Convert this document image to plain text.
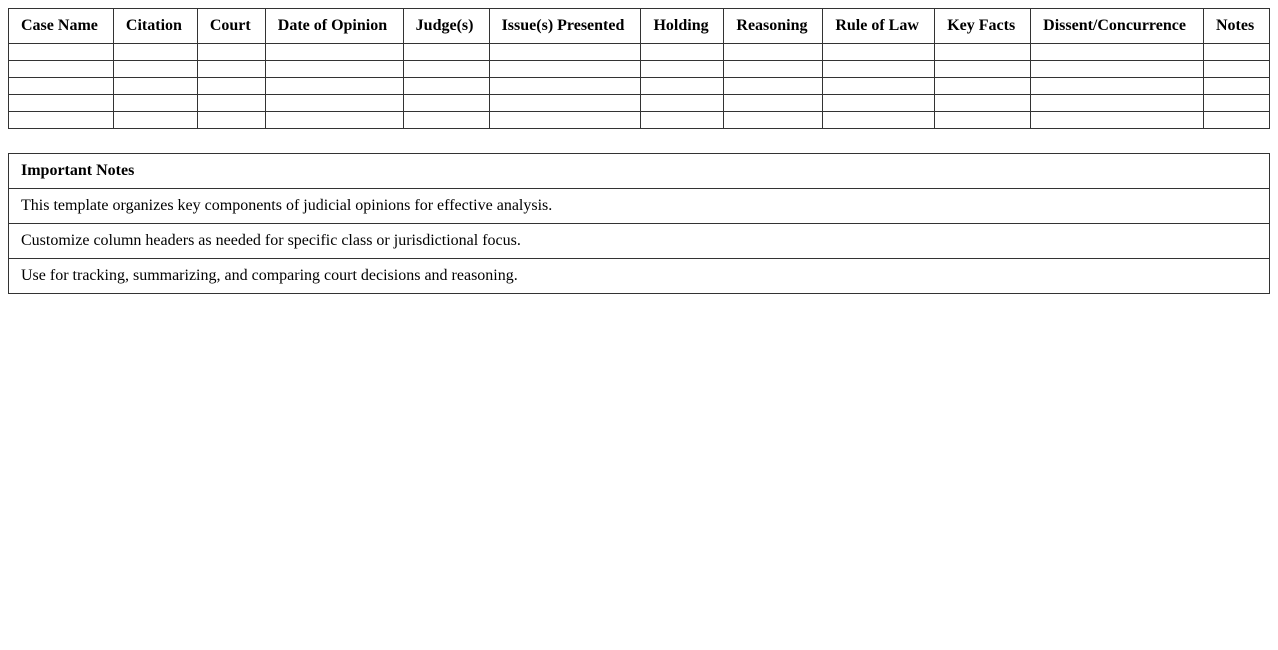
Case Name	Citation	Court	Date of Opinion	Judge(s)	Issue(s) Presented	Holding	Reasoning	Rule of Law	Key Facts	Dissent/Concurrence	Notes

Important Notes
This template organizes key components of judicial opinions for effective analysis.
Customize column headers as needed for specific class or jurisdictional focus.
Use for tracking, summarizing, and comparing court decisions and reasoning.
